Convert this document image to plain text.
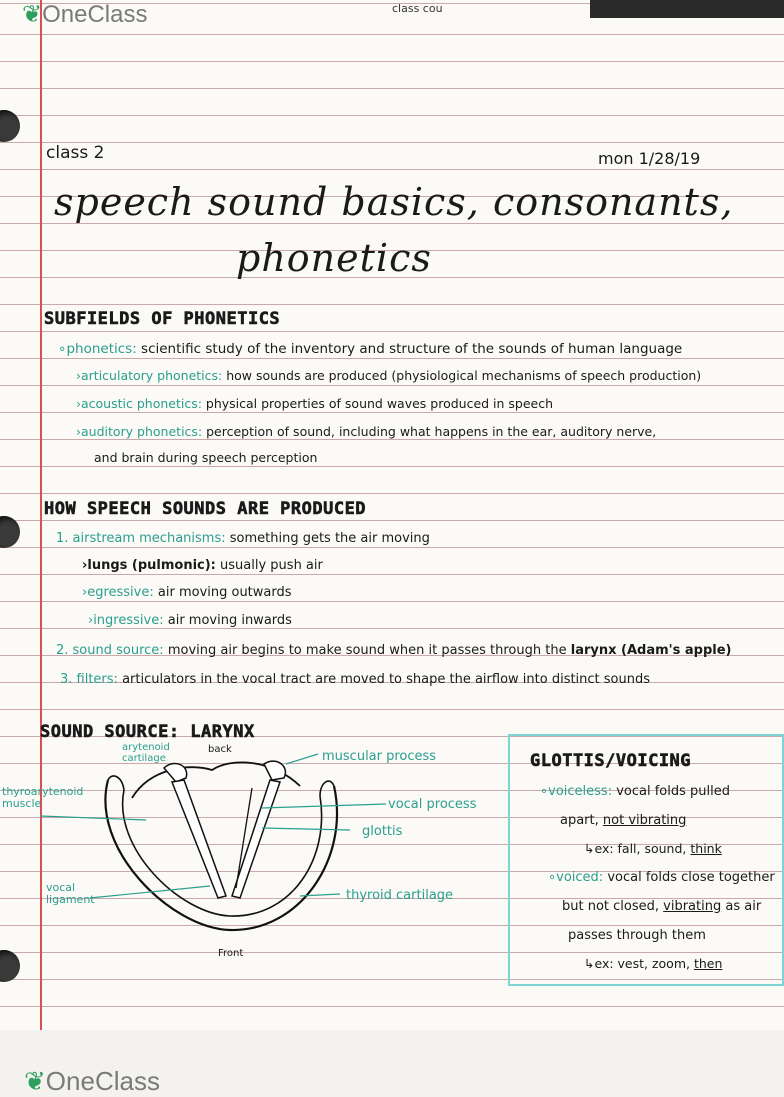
class cou
class 2	mon 1/28/19
speech sound basics, consonants,
phonetics
SUBFIELDS OF PHONETICS
∘phonetics: scientific study of the inventory and structure of the sounds of human language
›articulatory phonetics: how sounds are produced (physiological mechanisms of speech production)
›acoustic phonetics: physical properties of sound waves produced in speech
›auditory phonetics: perception of sound, including what happens in the ear, auditory nerve,
and brain during speech perception
HOW SPEECH SOUNDS ARE PRODUCED
1. airstream mechanisms: something gets the air moving
›lungs (pulmonic): usually push air
›egressive: air moving outwards
›ingressive: air moving inwards
2. sound source: moving air begins to make sound when it passes through the larynx (Adam's apple)
3. filters: articulators in the vocal tract are moved to shape the airflow into distinct sounds
SOUND SOURCE: LARYNX
arytenoid cartilage
back	muscular process
thyroarytenoid muscle	vocal process
glottis
vocal ligament	thyroid cartilage
Front
GLOTTIS/VOICING
∘voiceless: vocal folds pulled
apart, not vibrating
↳ex: fall, sound, think
∘voiced: vocal folds close together
but not closed, vibrating as air
passes through them
↳ex: vest, zoom, then
❦OneClass
❦OneClass
